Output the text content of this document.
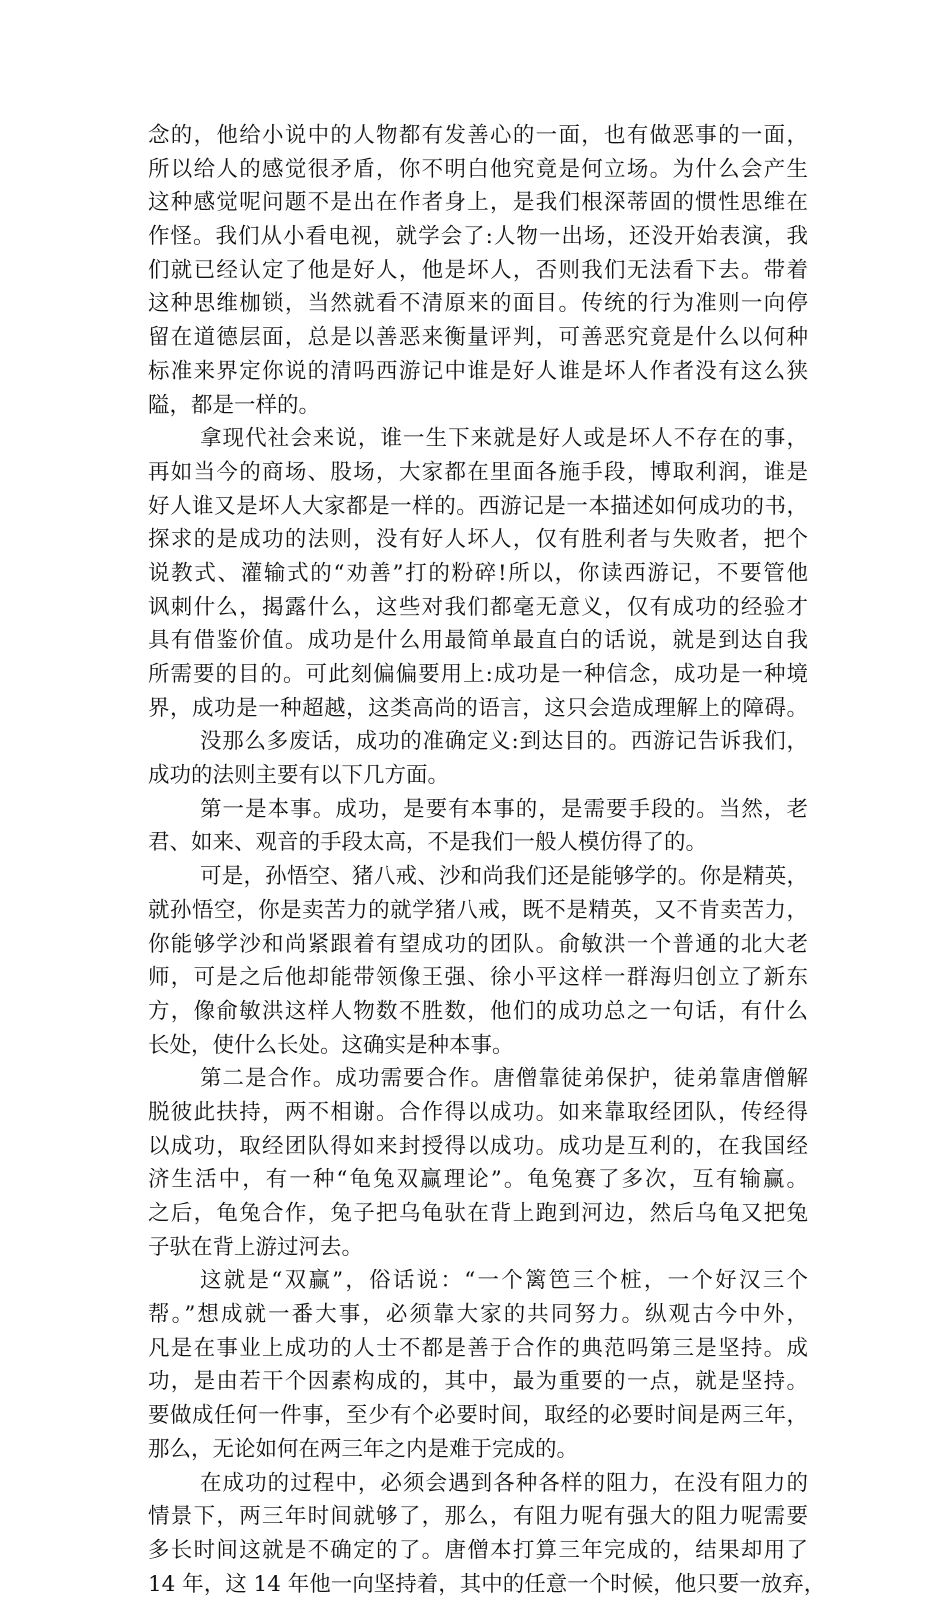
念的，他给小说中的人物都有发善心的一面，也有做恶事的一面，
所以给人的感觉很矛盾，你不明白他究竟是何立场。为什么会产生
这种感觉呢问题不是出在作者身上，是我们根深蒂固的惯性思维在
作怪。我们从小看电视，就学会了:人物一出场，还没开始表演，我
们就已经认定了他是好人，他是坏人，否则我们无法看下去。带着
这种思维枷锁，当然就看不清原来的面目。传统的行为准则一向停
留在道德层面，总是以善恶来衡量评判，可善恶究竟是什么以何种
标准来界定你说的清吗西游记中谁是好人谁是坏人作者没有这么狭
隘，都是一样的。
拿现代社会来说，谁一生下来就是好人或是坏人不存在的事，
再如当今的商场、股场，大家都在里面各施手段，博取利润，谁是
好人谁又是坏人大家都是一样的。西游记是一本描述如何成功的书，
探求的是成功的法则，没有好人坏人，仅有胜利者与失败者，把个
说教式、灌输式的“劝善”打的粉碎!所以，你读西游记，不要管他
讽刺什么，揭露什么，这些对我们都毫无意义，仅有成功的经验才
具有借鉴价值。成功是什么用最简单最直白的话说，就是到达自我
所需要的目的。可此刻偏偏要用上:成功是一种信念，成功是一种境
界，成功是一种超越，这类高尚的语言，这只会造成理解上的障碍。
没那么多废话，成功的准确定义:到达目的。西游记告诉我们，
成功的法则主要有以下几方面。
第一是本事。成功，是要有本事的，是需要手段的。当然，老
君、如来、观音的手段太高，不是我们一般人模仿得了的。
可是，孙悟空、猪八戒、沙和尚我们还是能够学的。你是精英，
就孙悟空，你是卖苦力的就学猪八戒，既不是精英，又不肯卖苦力，
你能够学沙和尚紧跟着有望成功的团队。俞敏洪一个普通的北大老
师，可是之后他却能带领像王强、徐小平这样一群海归创立了新东
方，像俞敏洪这样人物数不胜数，他们的成功总之一句话，有什么
长处，使什么长处。这确实是种本事。
第二是合作。成功需要合作。唐僧靠徒弟保护，徒弟靠唐僧解
脱彼此扶持，两不相谢。合作得以成功。如来靠取经团队，传经得
以成功，取经团队得如来封授得以成功。成功是互利的，在我国经
济生活中，有一种“龟兔双赢理论”。龟兔赛了多次，互有输赢。
之后，龟兔合作，兔子把乌龟驮在背上跑到河边，然后乌龟又把兔
子驮在背上游过河去。
这就是“双赢”，俗话说：“一个篱笆三个桩，一个好汉三个
帮。”想成就一番大事，必须靠大家的共同努力。纵观古今中外，
凡是在事业上成功的人士不都是善于合作的典范吗第三是坚持。成
功，是由若干个因素构成的，其中，最为重要的一点，就是坚持。
要做成任何一件事，至少有个必要时间，取经的必要时间是两三年，
那么，无论如何在两三年之内是难于完成的。
在成功的过程中，必须会遇到各种各样的阻力，在没有阻力的
情景下，两三年时间就够了，那么，有阻力呢有强大的阻力呢需要
多长时间这就是不确定的了。唐僧本打算三年完成的，结果却用了
14 年，这 14 年他一向坚持着，其中的任意一个时候，他只要一放弃，
